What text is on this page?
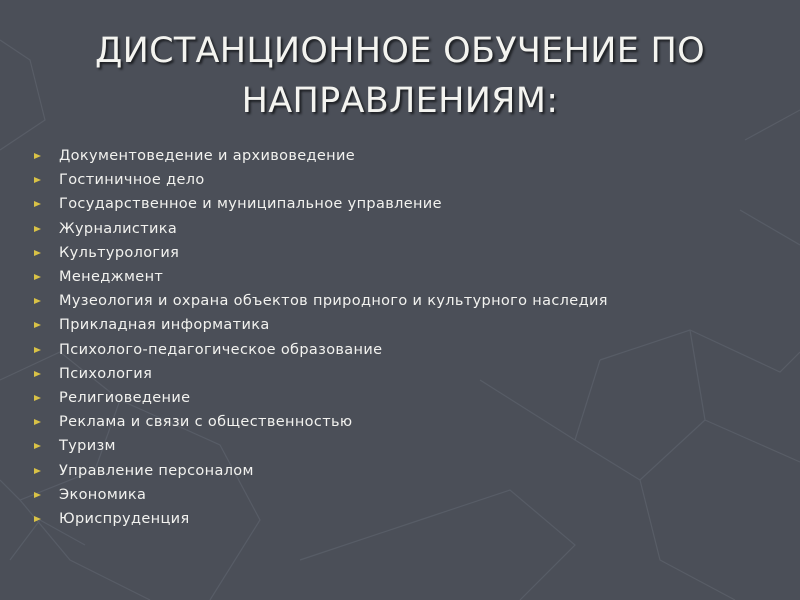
ДИСТАНЦИОННОЕ ОБУЧЕНИЕ ПО
НАПРАВЛЕНИЯМ:
Документоведение и архивоведение
Гостиничное дело
Государственное и муниципальное управление
Журналистика
Культурология
Менеджмент
Музеология и охрана объектов природного и культурного наследия
Прикладная информатика
Психолого-педагогическое образование
Психология
Религиоведение
Реклама и связи с общественностью
Туризм
Управление персоналом
Экономика
Юриспруденция
